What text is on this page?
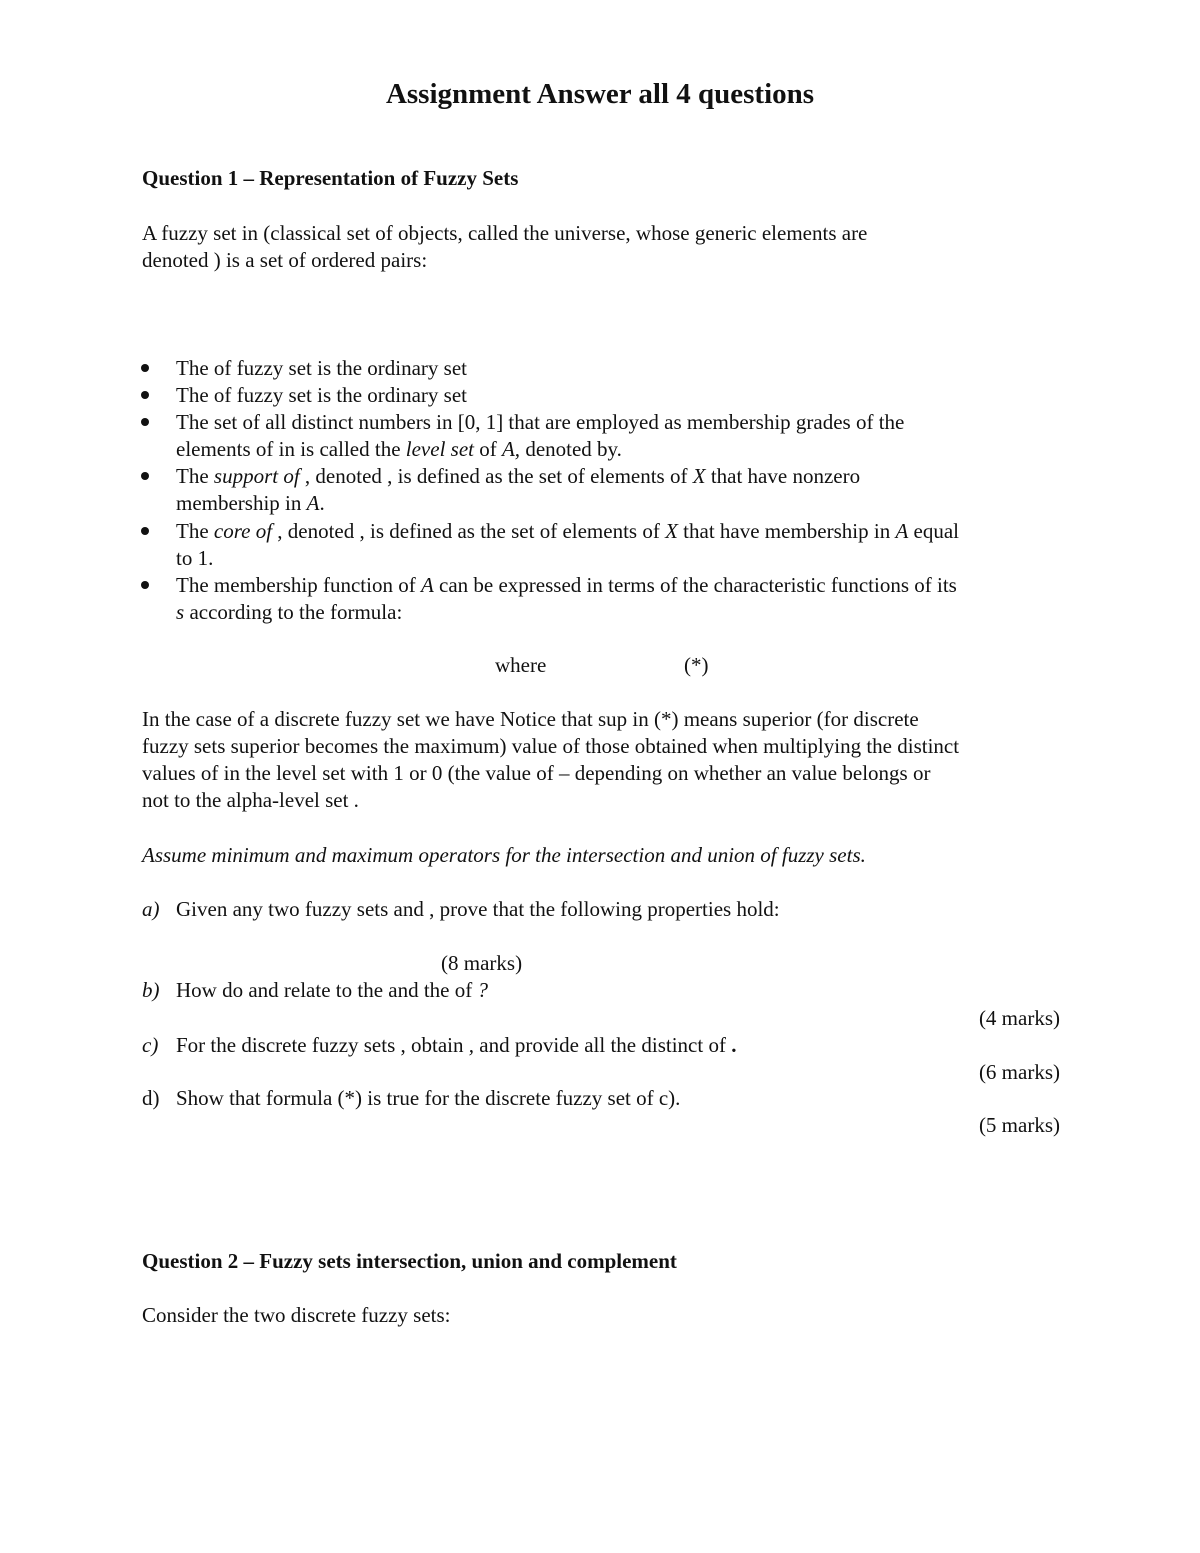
Assignment Answer all 4 questions
Question 1 – Representation of Fuzzy Sets
A fuzzy set in (classical set of objects, called the universe, whose generic elements are
denoted ) is a set of ordered pairs:
The of fuzzy set is the ordinary set
The of fuzzy set is the ordinary set
The set of all distinct numbers in [0, 1] that are employed as membership grades of the
elements of in is called the level set of A, denoted by.
The support of , denoted , is defined as the set of elements of X that have nonzero
membership in A.
The core of , denoted , is defined as the set of elements of X that have membership in A equal
to 1.
The membership function of A can be expressed in terms of the characteristic functions of its
s according to the formula:
where	(*)
In the case of a discrete fuzzy set we have Notice that sup in (*) means superior (for discrete
fuzzy sets superior becomes the maximum) value of those obtained when multiplying the distinct
values of in the level set with 1 or 0 (the value of – depending on whether an value belongs or
not to the alpha-level set .
Assume minimum and maximum operators for the intersection and union of fuzzy sets.
a) Given any two fuzzy sets and , prove that the following properties hold:
(8 marks)
b) How do and relate to the and the of ?
(4 marks)
c) For the discrete fuzzy sets , obtain , and provide all the distinct of .
(6 marks)
d) Show that formula (*) is true for the discrete fuzzy set of c).
(5 marks)
Question 2 – Fuzzy sets intersection, union and complement
Consider the two discrete fuzzy sets:
